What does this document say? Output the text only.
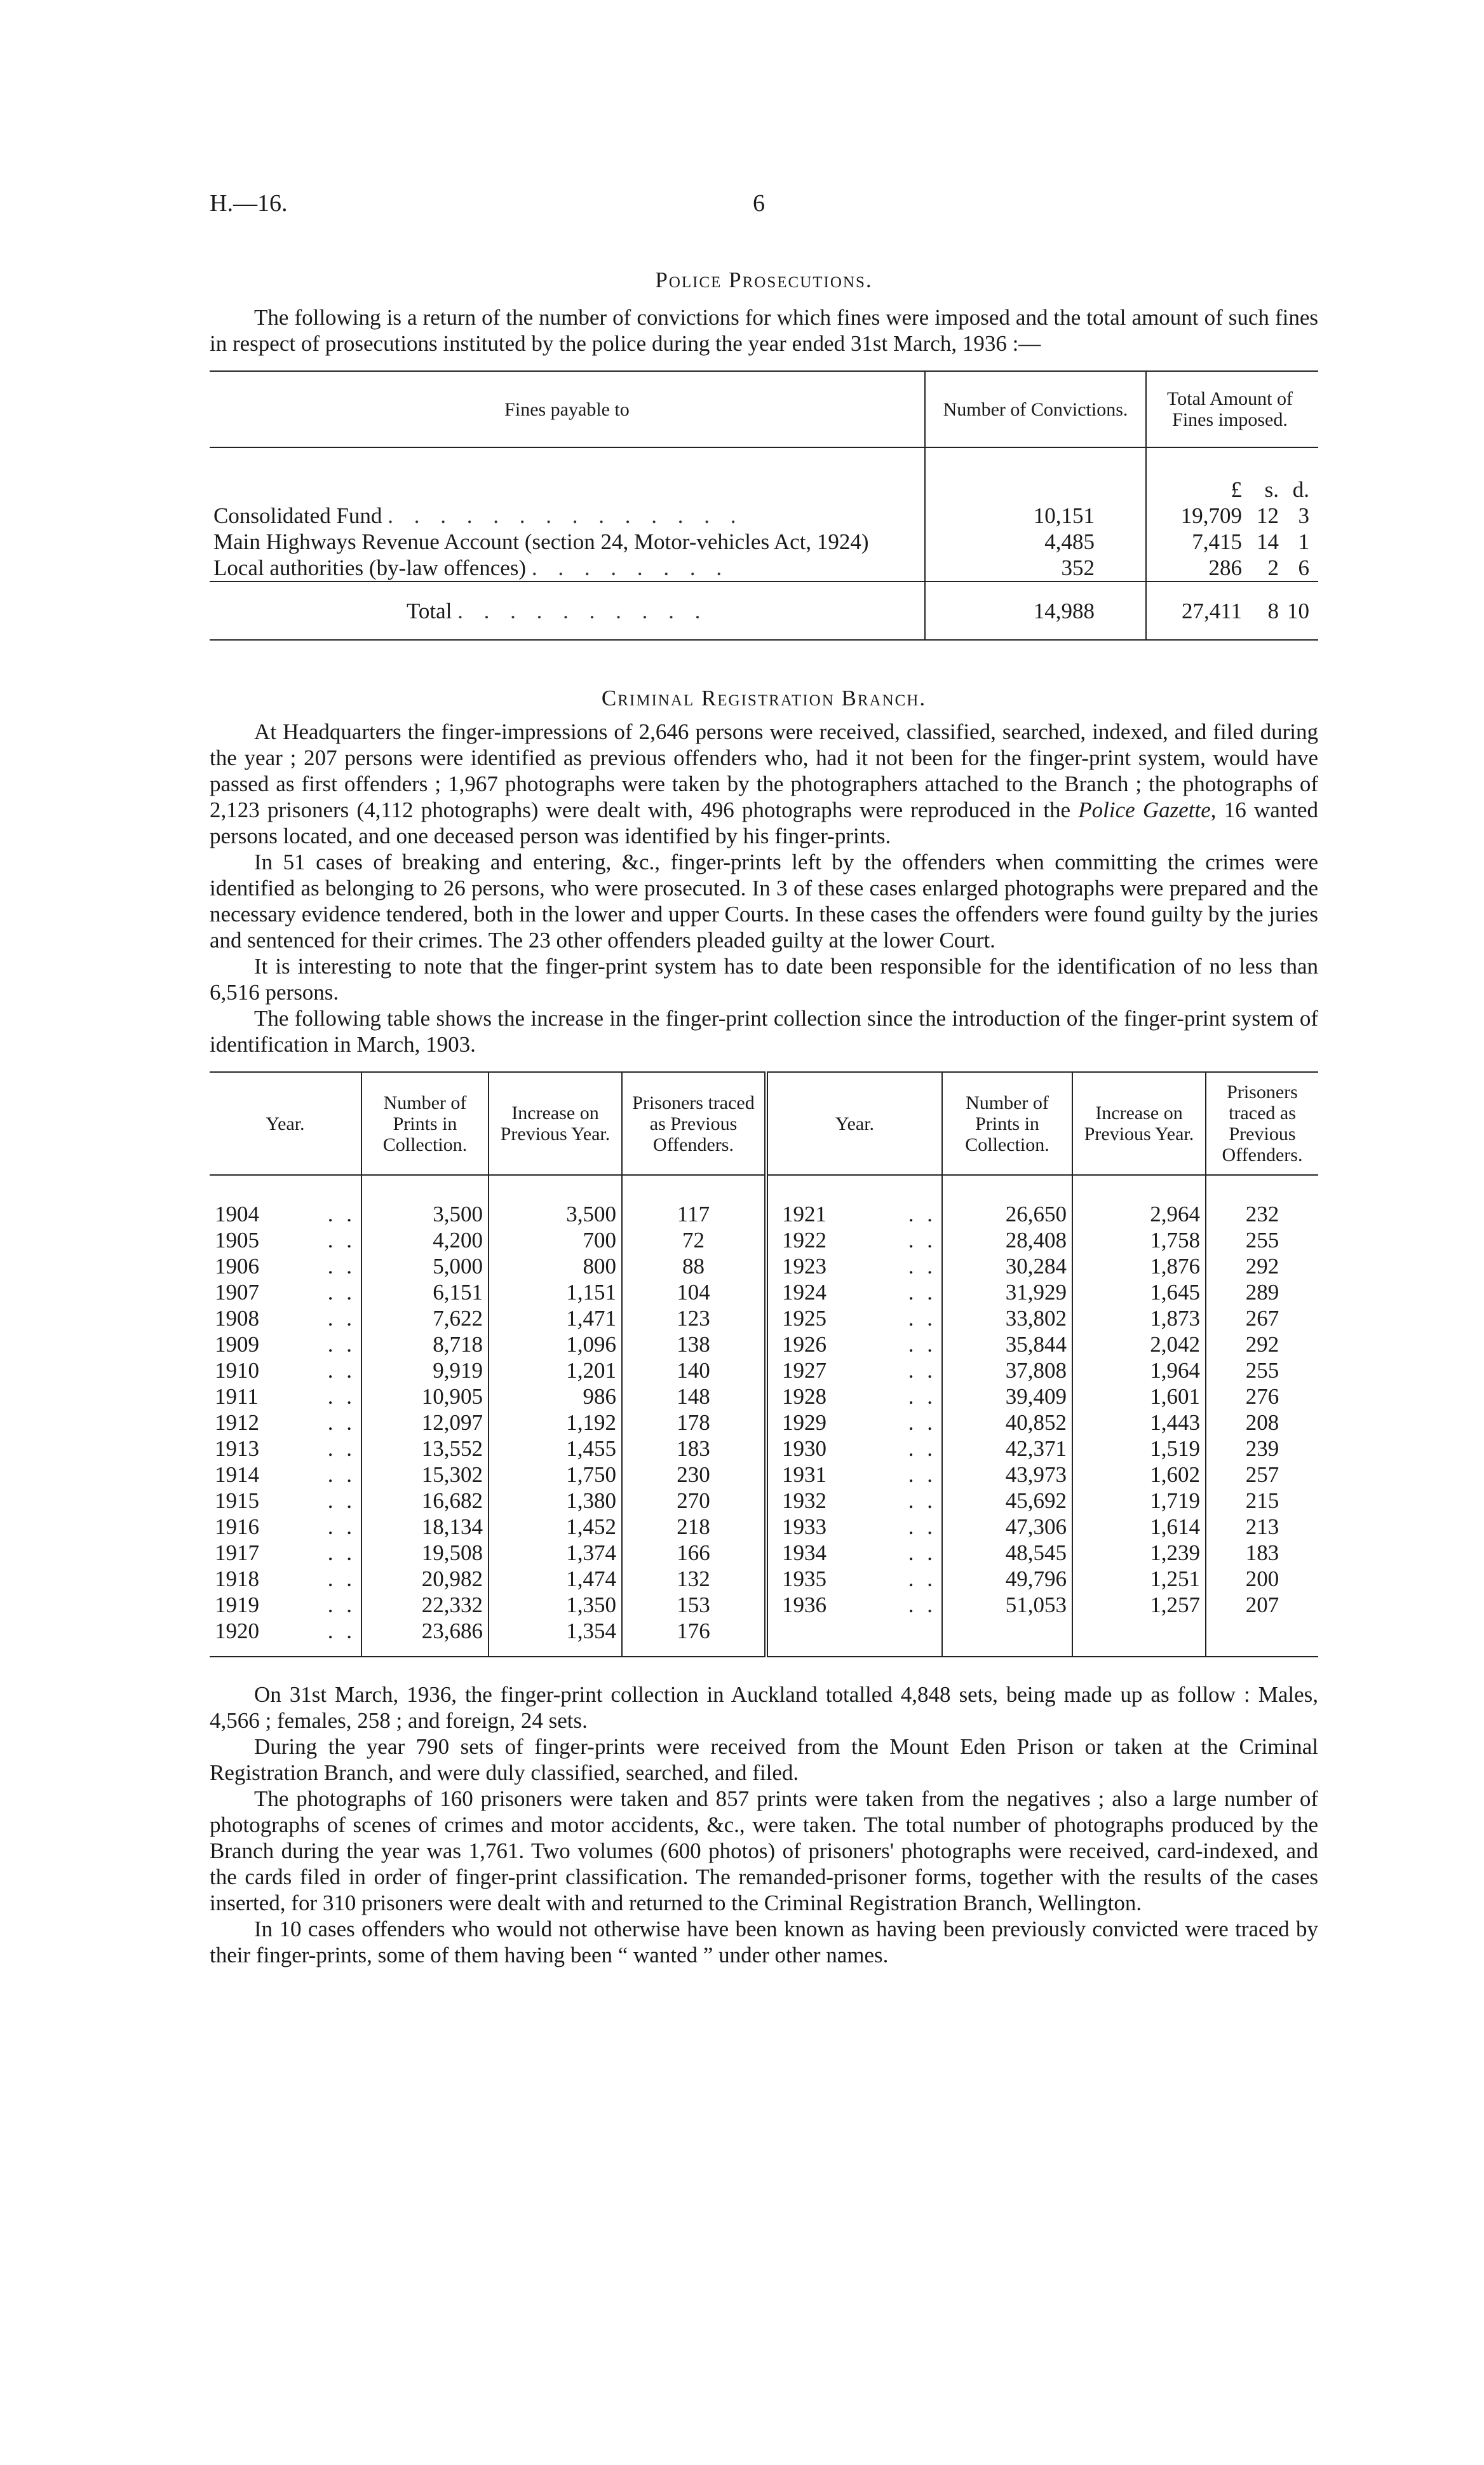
H.—16.	6
Police Prosecutions.

The following is a return of the number of convictions for which fines were imposed and the total amount of such fines in respect of prosecutions instituted by the police during the year ended 31st March, 1936 :—

Fines payable to	Number of Convictions.	Total Amount of Fines imposed.

		£ s. d.
Consolidated Fund . . . . . . . . . . . . . .	10,151	19,709 12 3
Main Highways Revenue Account (section 24, Motor-vehicles Act, 1924)	4,485	7,415 14 1
Local authorities (by-law offences) . . . . . . . .	352	286 2 6
Total . . . . . . . . . .	14,988	27,411 8 10
Criminal Registration Branch.

At Headquarters the finger-impressions of 2,646 persons were received, classified, searched, indexed, and filed during the year ; 207 persons were identified as previous offenders who, had it not been for the finger-print system, would have passed as first offenders ; 1,967 photographs were taken by the photographers attached to the Branch ; the photographs of 2,123 prisoners (4,112 photographs) were dealt with, 496 photographs were reproduced in the Police Gazette, 16 wanted persons located, and one deceased person was identified by his finger-prints.

In 51 cases of breaking and entering, &c., finger-prints left by the offenders when committing the crimes were identified as belonging to 26 persons, who were prosecuted. In 3 of these cases enlarged photographs were prepared and the necessary evidence tendered, both in the lower and upper Courts. In these cases the offenders were found guilty by the juries and sentenced for their crimes. The 23 other offenders pleaded guilty at the lower Court.

It is interesting to note that the finger-print system has to date been responsible for the identification of no less than 6,516 persons.

The following table shows the increase in the finger-print collection since the introduction of the finger-print system of identification in March, 1903.

Year.	Number of Prints in Collection.	Increase on Previous Year.	Prisoners traced as Previous Offenders.	Year.	Number of Prints in Collection.	Increase on Previous Year.	Prisoners traced as Previous Offenders.

1904 . .	3,500	3,500	117	1921 . .	26,650	2,964	232
1905 . .	4,200	700	72	1922 . .	28,408	1,758	255
1906 . .	5,000	800	88	1923 . .	30,284	1,876	292
1907 . .	6,151	1,151	104	1924 . .	31,929	1,645	289
1908 . .	7,622	1,471	123	1925 . .	33,802	1,873	267
1909 . .	8,718	1,096	138	1926 . .	35,844	2,042	292
1910 . .	9,919	1,201	140	1927 . .	37,808	1,964	255
1911 . .	10,905	986	148	1928 . .	39,409	1,601	276
1912 . .	12,097	1,192	178	1929 . .	40,852	1,443	208
1913 . .	13,552	1,455	183	1930 . .	42,371	1,519	239
1914 . .	15,302	1,750	230	1931 . .	43,973	1,602	257
1915 . .	16,682	1,380	270	1932 . .	45,692	1,719	215
1916 . .	18,134	1,452	218	1933 . .	47,306	1,614	213
1917 . .	19,508	1,374	166	1934 . .	48,545	1,239	183
1918 . .	20,982	1,474	132	1935 . .	49,796	1,251	200
1919 . .	22,332	1,350	153	1936 . .	51,053	1,257	207
1920 . .	23,686	1,354	176				

On 31st March, 1936, the finger-print collection in Auckland totalled 4,848 sets, being made up as follow : Males, 4,566 ; females, 258 ; and foreign, 24 sets.

During the year 790 sets of finger-prints were received from the Mount Eden Prison or taken at the Criminal Registration Branch, and were duly classified, searched, and filed.

The photographs of 160 prisoners were taken and 857 prints were taken from the negatives ; also a large number of photographs of scenes of crimes and motor accidents, &c., were taken. The total number of photographs produced by the Branch during the year was 1,761. Two volumes (600 photos) of prisoners' photographs were received, card-indexed, and the cards filed in order of finger-print classification. The remanded-prisoner forms, together with the results of the cases inserted, for 310 prisoners were dealt with and returned to the Criminal Registration Branch, Wellington.

In 10 cases offenders who would not otherwise have been known as having been previously convicted were traced by their finger-prints, some of them having been “ wanted ” under other names.
